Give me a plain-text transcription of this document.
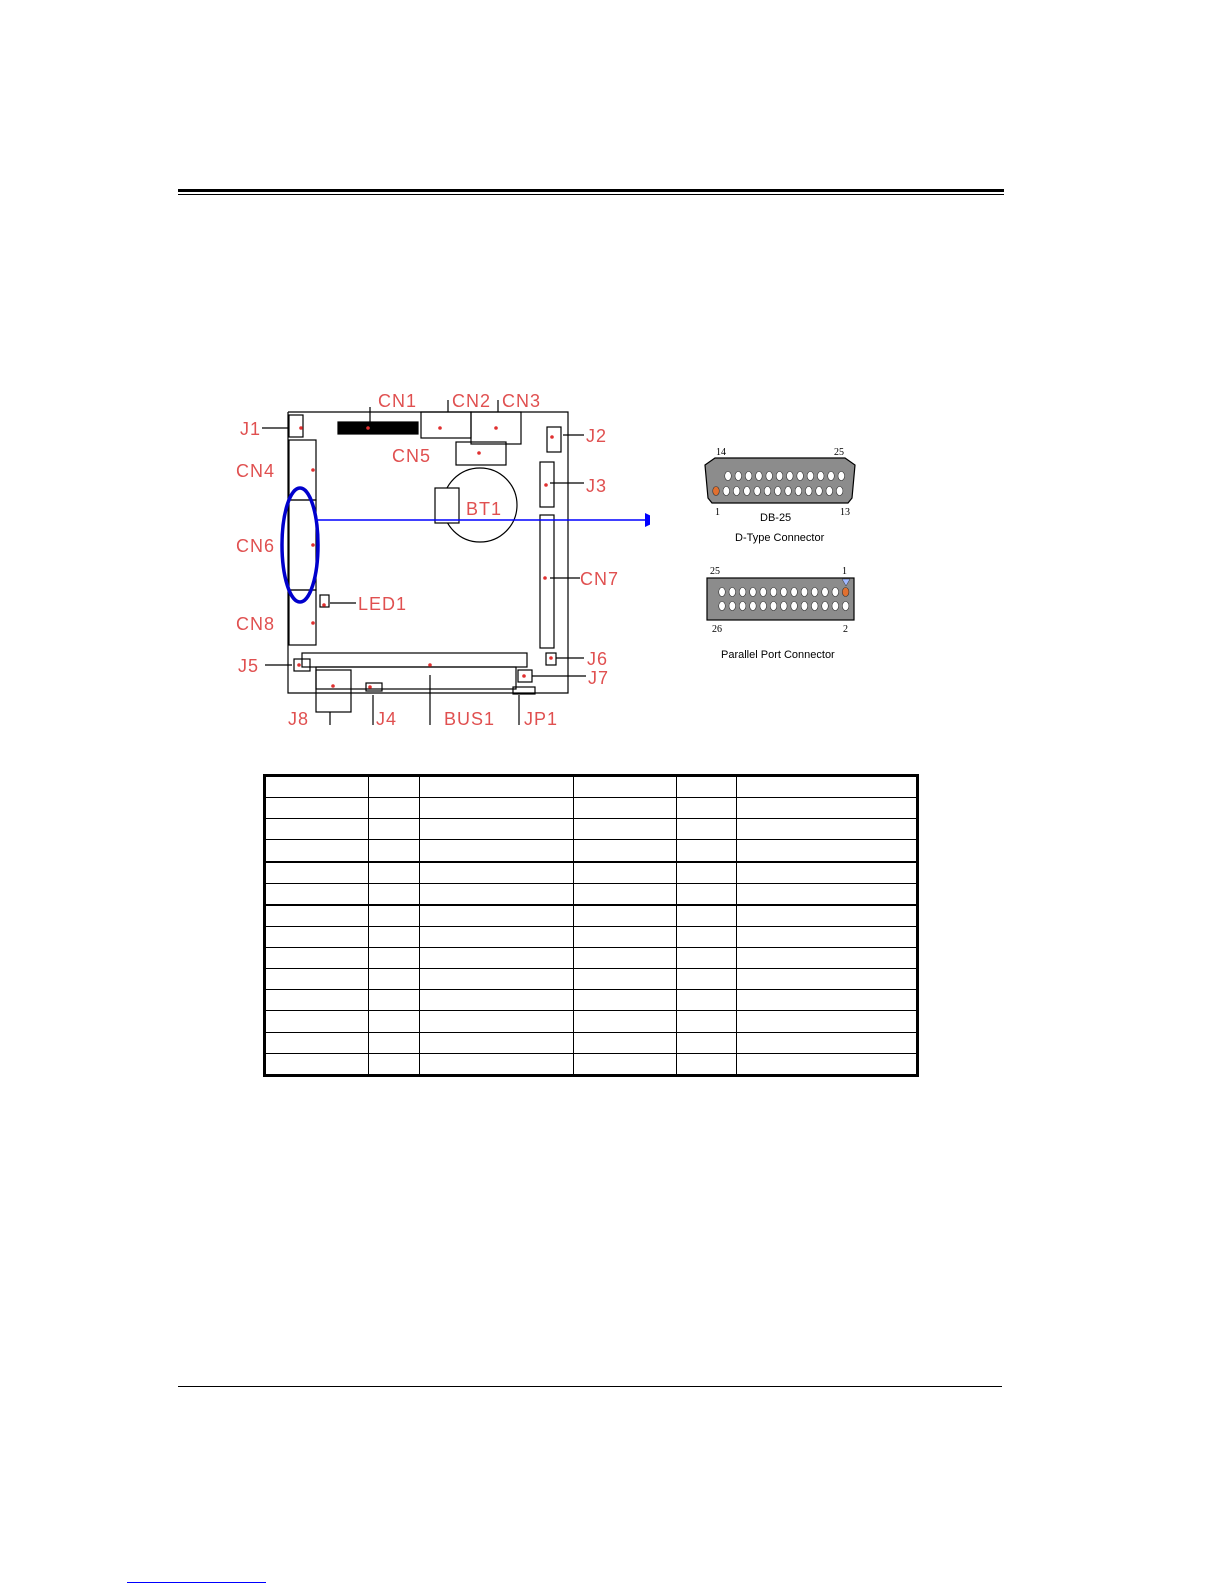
J1
CN1 CN2 CN3
J2
CN5
CN4
J3
BT1
CN6
CN7
LED1
CN8
J5	J6
J7
J8	J4	BUS1 JP1
14	25
1	13
DB-25
D-Type Connector
25	1
26	2
Parallel Port Connector
